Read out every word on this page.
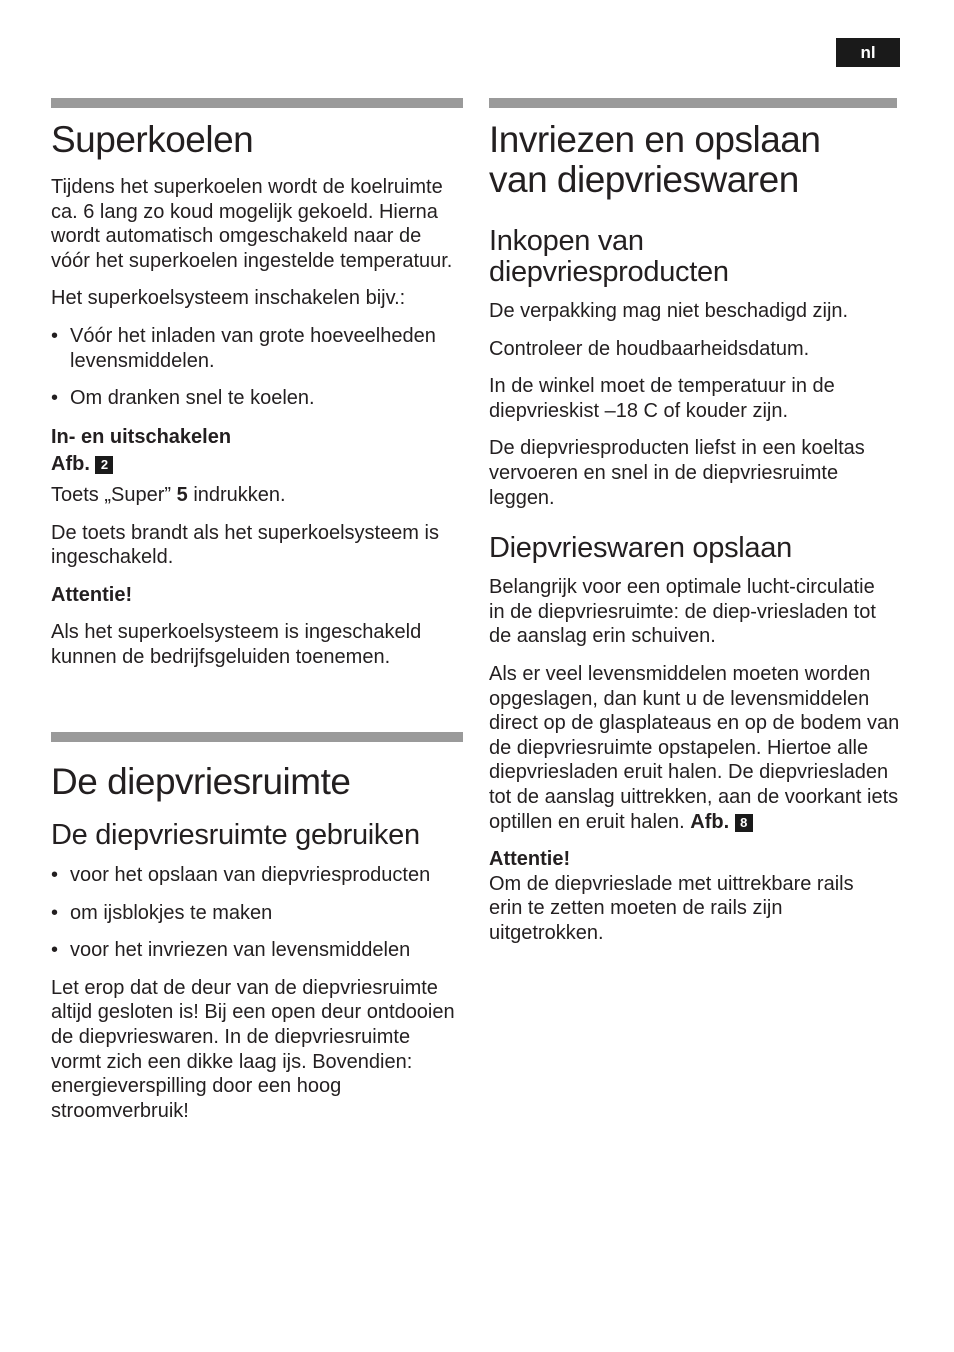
nl
Superkoelen

Tijdens het superkoelen wordt de koelruimte ca. 6 lang zo koud mogelijk gekoeld. Hierna wordt automatisch omgeschakeld naar de vóór het superkoelen ingestelde temperatuur.

Het superkoelsysteem inschakelen bijv.:

• Vóór het inladen van grote hoeveelheden levensmiddelen.
• Om dranken snel te koelen.

In- en uitschakelen

Afb. 2

Toets „Super” 5 indrukken.

De toets brandt als het superkoelsysteem is ingeschakeld.

Attentie!

Als het superkoelsysteem is ingeschakeld kunnen de bedrijfsgeluiden toenemen.

De diepvriesruimte
De diepvriesruimte gebruiken
• voor het opslaan van diepvriesproducten
• om ijsblokjes te maken
• voor het invriezen van levensmiddelen

Let erop dat de deur van de diepvriesruimte altijd gesloten is! Bij een open deur ontdooien de diepvrieswaren. In de diepvriesruimte vormt zich een dikke laag ijs. Bovendien: energieverspilling door een hoog stroomverbruik!

Invriezen en opslaan van diepvrieswaren
Inkopen van diepvriesproducten

De verpakking mag niet beschadigd zijn.

Controleer de houdbaarheidsdatum.

In de winkel moet de temperatuur in de diepvrieskist –18 C of kouder zijn.

De diepvriesproducten liefst in een koeltas vervoeren en snel in de diepvriesruimte leggen.

Diepvrieswaren opslaan

Belangrijk voor een optimale lucht-circulatie in de diepvriesruimte: de diep-vriesladen tot de aanslag erin schuiven.

Als er veel levensmiddelen moeten worden opgeslagen, dan kunt u de levensmiddelen direct op de glasplateaus en op de bodem van de diepvriesruimte opstapelen. Hiertoe alle diepvriesladen eruit halen. De diepvriesladen tot de aanslag uittrekken, aan de voorkant iets optillen en eruit halen. Afb. 8

Attentie!

Om de diepvrieslade met uittrekbare rails erin te zetten moeten de rails zijn uitgetrokken.
